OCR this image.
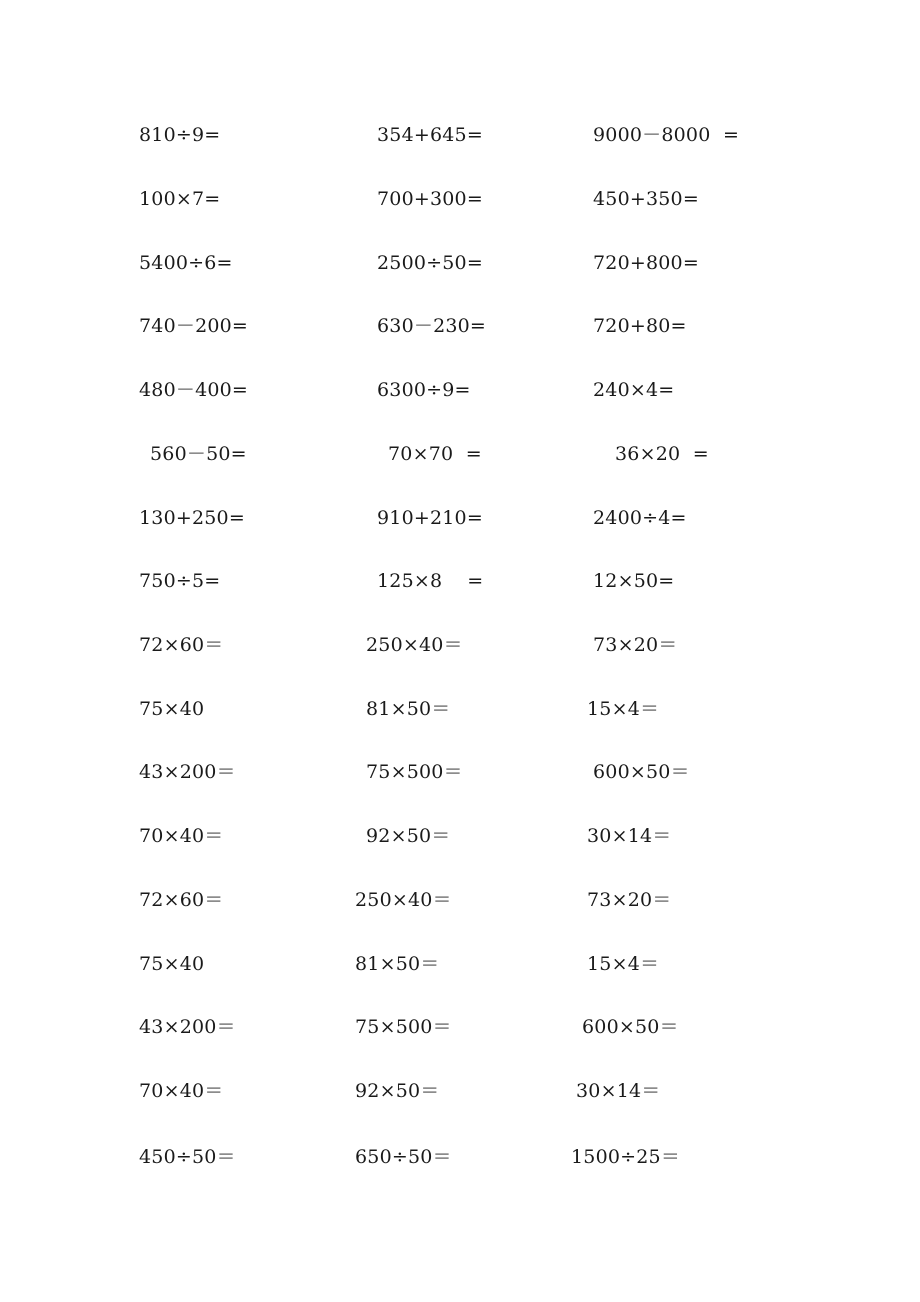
810÷9=	354+645=	9000－8000  =
100×7=	700+300=	450+350=
5400÷6=	2500÷50=	720+800=
740－200=	630－230=	720+80=
480－400=	6300÷9=	240×4=
560－50=	70×70  =	36×20  =
130+250=	910+210=	2400÷4=
750÷5=	125×8    =	12×50=
72×60＝	250×40＝	73×20＝
75×40	81×50＝	15×4＝
43×200＝	75×500＝	600×50＝
70×40＝	92×50＝	30×14＝
72×60＝	250×40＝	73×20＝
75×40	81×50＝	15×4＝
43×200＝	75×500＝	600×50＝
70×40＝	92×50＝	30×14＝
450÷50＝	650÷50＝	1500÷25＝
